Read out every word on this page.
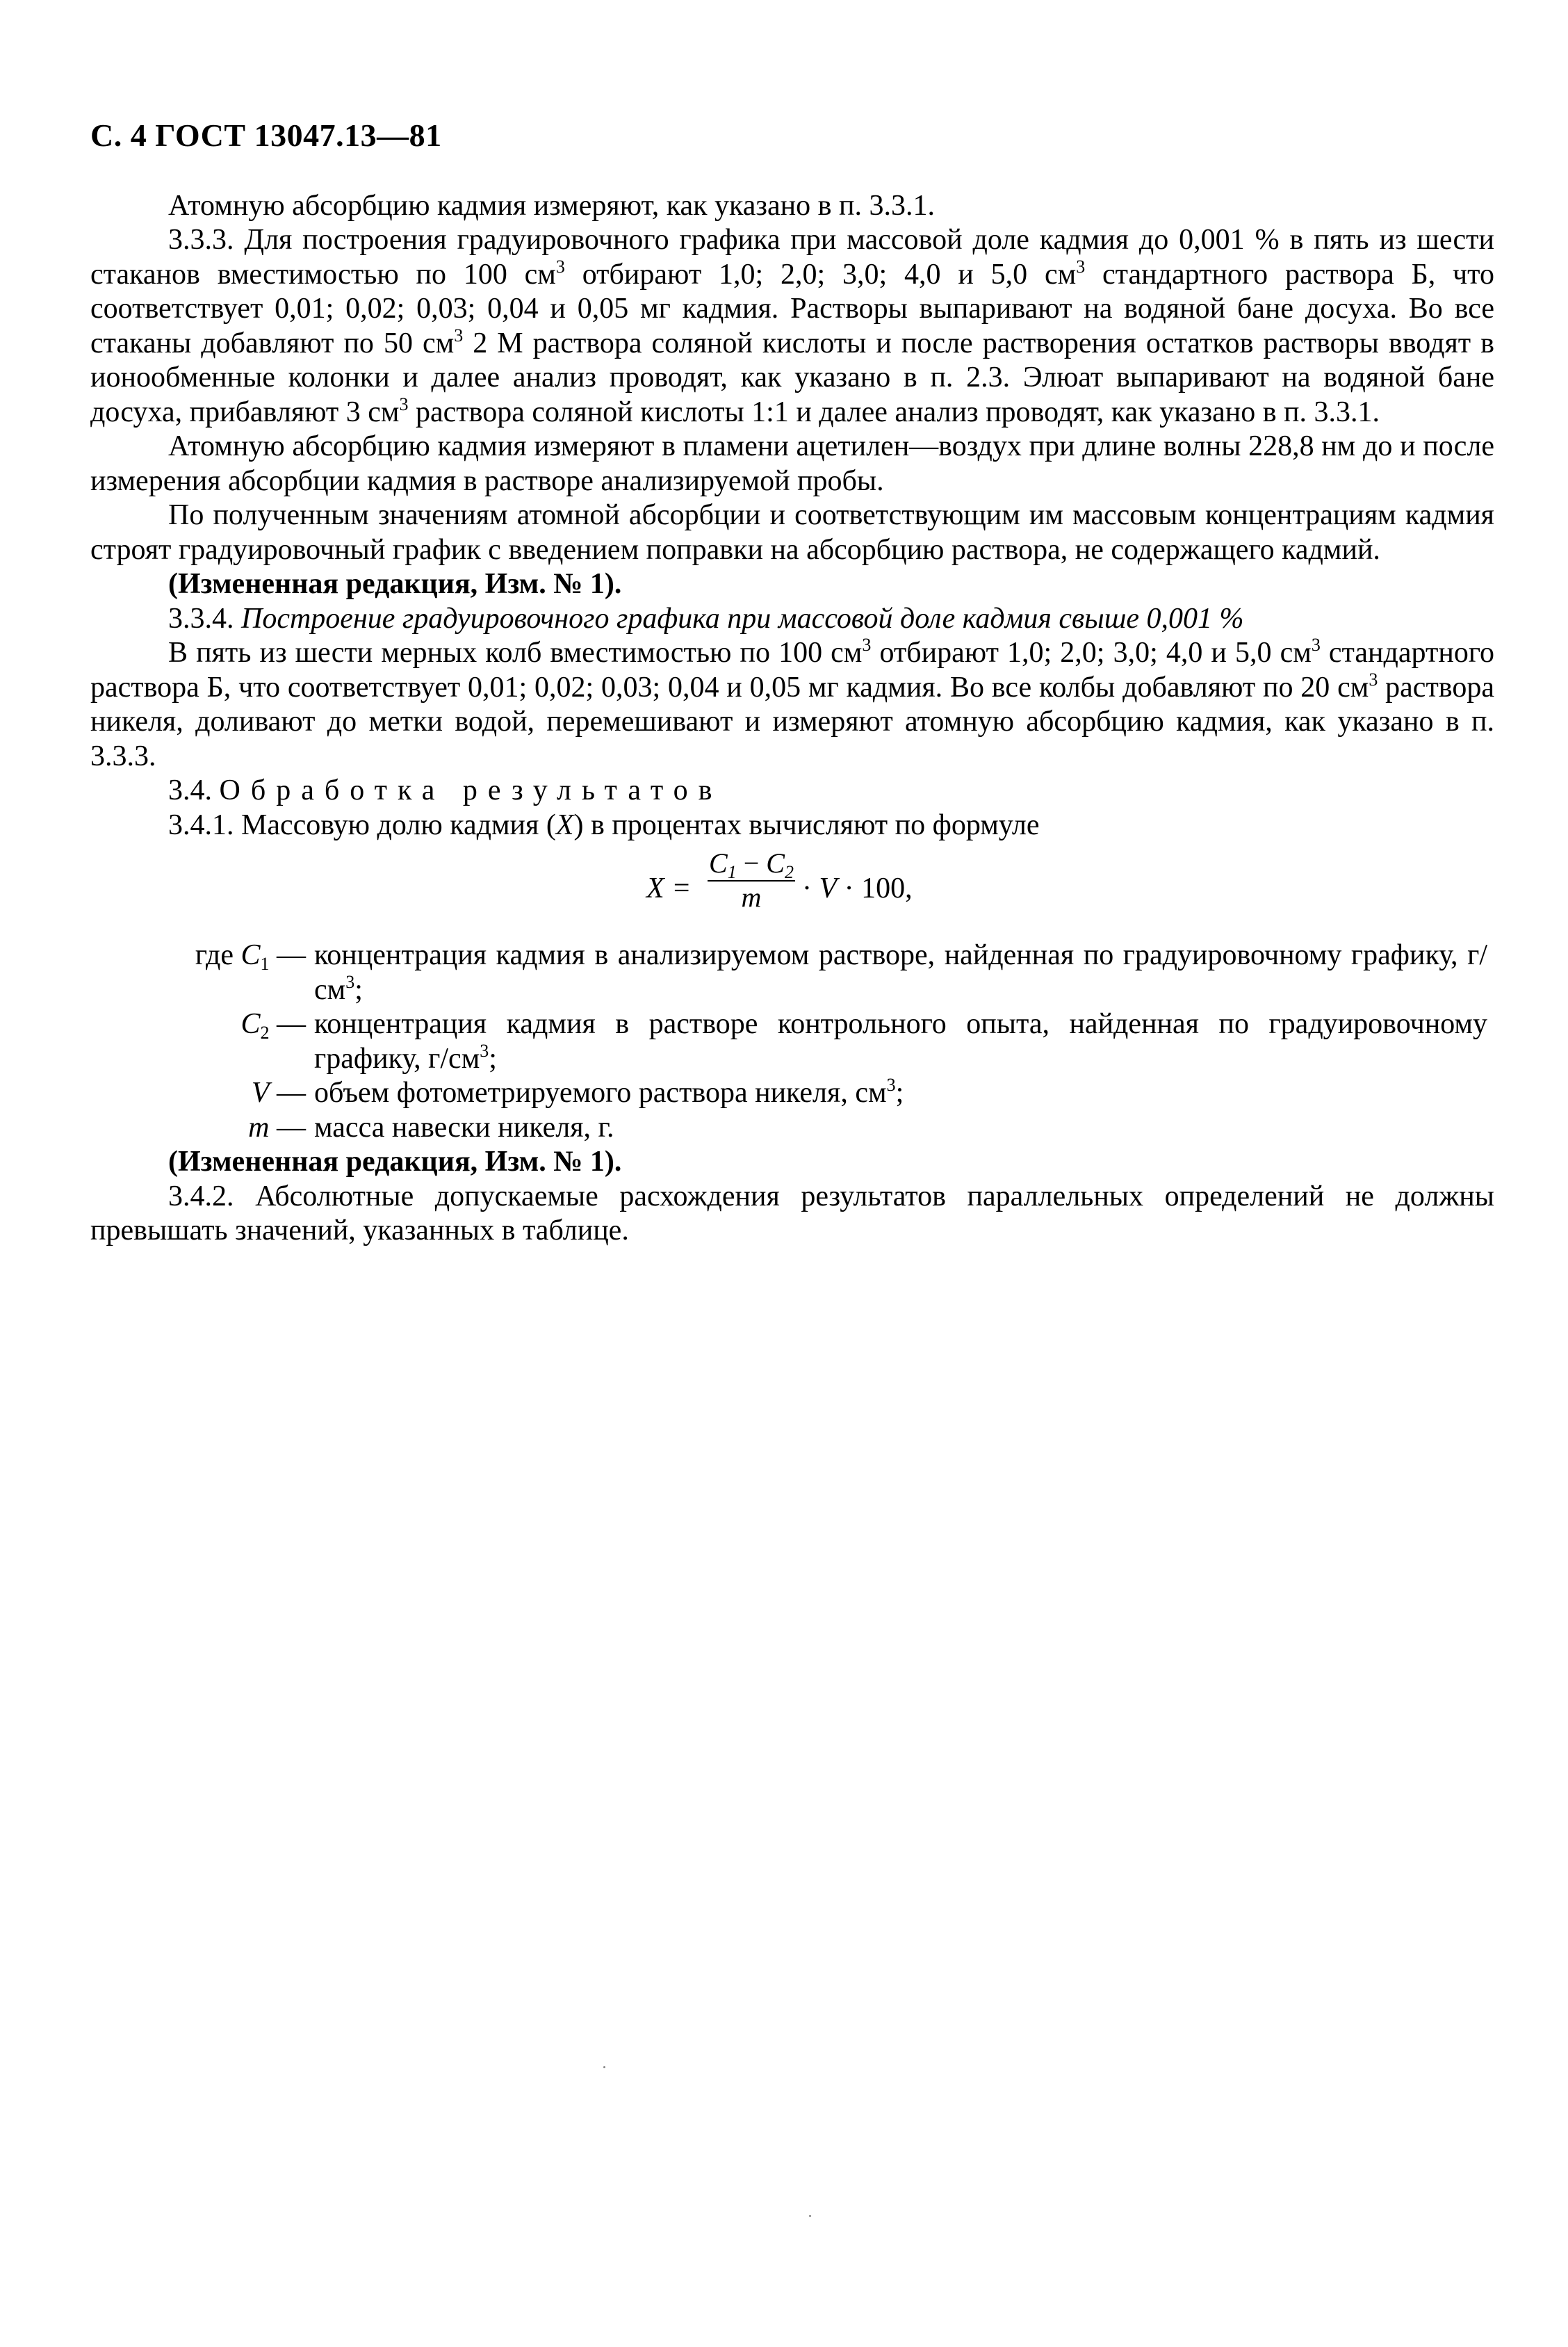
С. 4 ГОСТ 13047.13—81

Атомную абсорбцию кадмия измеряют, как указано в п. 3.3.1.

3.3.3. Для построения градуировочного графика при массовой доле кадмия до 0,001 % в пять из шести стаканов вместимостью по 100 $см^3$ отбирают 1,0; 2,0; 3,0; 4,0 и 5,0 $см^3$ стандартного раствора Б, что соответствует 0,01; 0,02; 0,03; 0,04 и 0,05 мг кадмия. Растворы выпаривают на водяной бане досуха. Во все стаканы добавляют по 50 $см^3$ 2 М раствора соляной кислоты и после растворения остатков растворы вводят в ионообменные колонки и далее анализ проводят, как указано в п. 2.3. Элюат выпаривают на водяной бане досуха, прибавляют 3 $см^3$ раствора соляной кислоты 1:1 и далее анализ проводят, как указано в п. 3.3.1.

Атомную абсорбцию кадмия измеряют в пламени ацетилен—воздух при длине волны 228,8 нм до и после измерения абсорбции кадмия в растворе анализируемой пробы.

По полученным значениям атомной абсорбции и соответствующим им массовым концентрациям кадмия строят градуировочный график с введением поправки на абсорбцию раствора, не содержащего кадмий.

(Измененная редакция, Изм. № 1).

3.3.4. Построение градуировочного графика при массовой доле кадмия свыше 0,001 %

В пять из шести мерных колб вместимостью по 100 $см^3$ отбирают 1,0; 2,0; 3,0; 4,0 и 5,0 $см^3$ стандартного раствора Б, что соответствует 0,01; 0,02; 0,03; 0,04 и 0,05 мг кадмия. Во все колбы добавляют по 20 $см^3$ раствора никеля, доливают до метки водой, перемешивают и измеряют атомную абсорбцию кадмия, как указано в п. 3.3.3.

3.4. Обработка результатов

3.4.1. Массовую долю кадмия (X) в процентах вычисляют по формуле

$X = \frac{C_1 - C_2}{m} \cdot V \cdot 100$,
где $C_1$ — концентрация кадмия в анализируемом растворе, найденная по градуировочному графику, $г/см^3$;
$C_2$ — концентрация кадмия в растворе контрольного опыта, найденная по градуировочному графику, $г/см^3$;
V — объем фотометрируемого раствора никеля, $см^3$;
m — масса навески никеля, г.

(Измененная редакция, Изм. № 1).

3.4.2. Абсолютные допускаемые расхождения результатов параллельных определений не должны превышать значений, указанных в таблице.
